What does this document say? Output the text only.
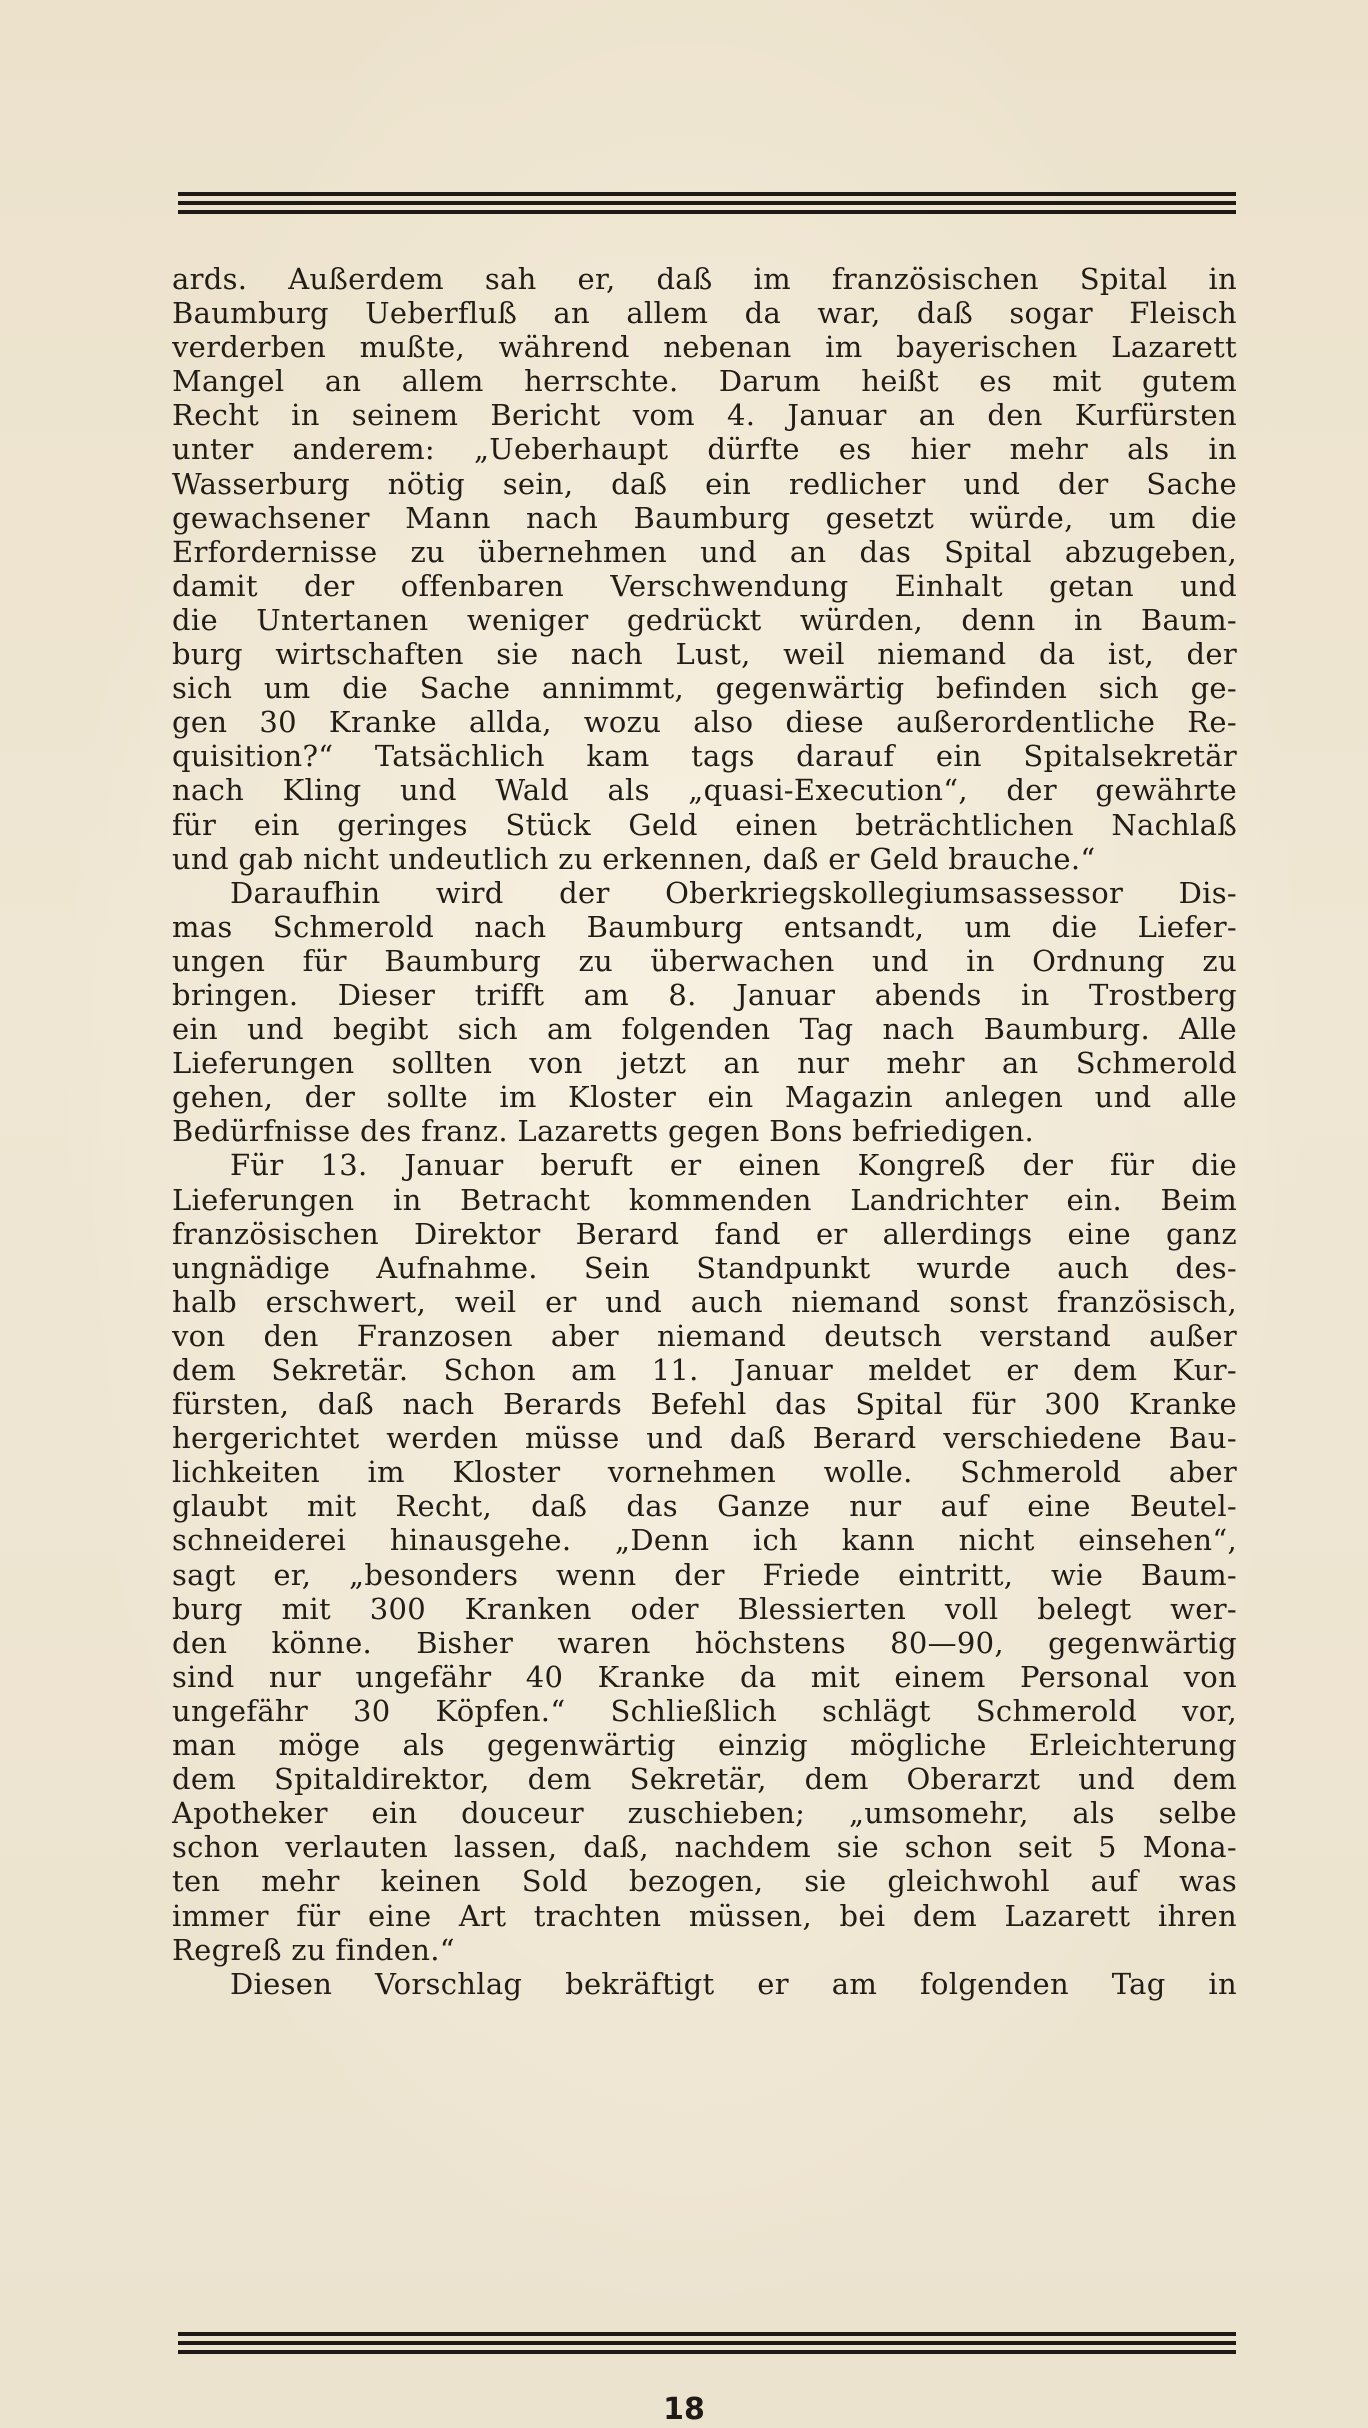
ards. Außerdem sah er, daß im französischen Spital in
Baumburg Ueberfluß an allem da war, daß sogar Fleisch
verderben mußte, während nebenan im bayerischen Lazarett
Mangel an allem herrschte. Darum heißt es mit gutem
Recht in seinem Bericht vom 4. Januar an den Kurfürsten
unter anderem: „Ueberhaupt dürfte es hier mehr als in
Wasserburg nötig sein, daß ein redlicher und der Sache
gewachsener Mann nach Baumburg gesetzt würde, um die
Erfordernisse zu übernehmen und an das Spital abzugeben,
damit der offenbaren Verschwendung Einhalt getan und
die Untertanen weniger gedrückt würden, denn in Baum-
burg wirtschaften sie nach Lust, weil niemand da ist, der
sich um die Sache annimmt, gegenwärtig befinden sich ge-
gen 30 Kranke allda, wozu also diese außerordentliche Re-
quisition?“ Tatsächlich kam tags darauf ein Spitalsekretär
nach Kling und Wald als „quasi-Execution“, der gewährte
für ein geringes Stück Geld einen beträchtlichen Nachlaß
und gab nicht undeutlich zu erkennen, daß er Geld brauche.“
Daraufhin wird der Oberkriegskollegiumsassessor Dis-
mas Schmerold nach Baumburg entsandt, um die Liefer-
ungen für Baumburg zu überwachen und in Ordnung zu
bringen. Dieser trifft am 8. Januar abends in Trostberg
ein und begibt sich am folgenden Tag nach Baumburg. Alle
Lieferungen sollten von jetzt an nur mehr an Schmerold
gehen, der sollte im Kloster ein Magazin anlegen und alle
Bedürfnisse des franz. Lazaretts gegen Bons befriedigen.
Für 13. Januar beruft er einen Kongreß der für die
Lieferungen in Betracht kommenden Landrichter ein. Beim
französischen Direktor Berard fand er allerdings eine ganz
ungnädige Aufnahme. Sein Standpunkt wurde auch des-
halb erschwert, weil er und auch niemand sonst französisch,
von den Franzosen aber niemand deutsch verstand außer
dem Sekretär. Schon am 11. Januar meldet er dem Kur-
fürsten, daß nach Berards Befehl das Spital für 300 Kranke
hergerichtet werden müsse und daß Berard verschiedene Bau-
lichkeiten im Kloster vornehmen wolle. Schmerold aber
glaubt mit Recht, daß das Ganze nur auf eine Beutel-
schneiderei hinausgehe. „Denn ich kann nicht einsehen“,
sagt er, „besonders wenn der Friede eintritt, wie Baum-
burg mit 300 Kranken oder Blessierten voll belegt wer-
den könne. Bisher waren höchstens 80—90, gegenwärtig
sind nur ungefähr 40 Kranke da mit einem Personal von
ungefähr 30 Köpfen.“ Schließlich schlägt Schmerold vor,
man möge als gegenwärtig einzig mögliche Erleichterung
dem Spitaldirektor, dem Sekretär, dem Oberarzt und dem
Apotheker ein douceur zuschieben; „umsomehr, als selbe
schon verlauten lassen, daß, nachdem sie schon seit 5 Mona-
ten mehr keinen Sold bezogen, sie gleichwohl auf was
immer für eine Art trachten müssen, bei dem Lazarett ihren
Regreß zu finden.“
Diesen Vorschlag bekräftigt er am folgenden Tag in
18
